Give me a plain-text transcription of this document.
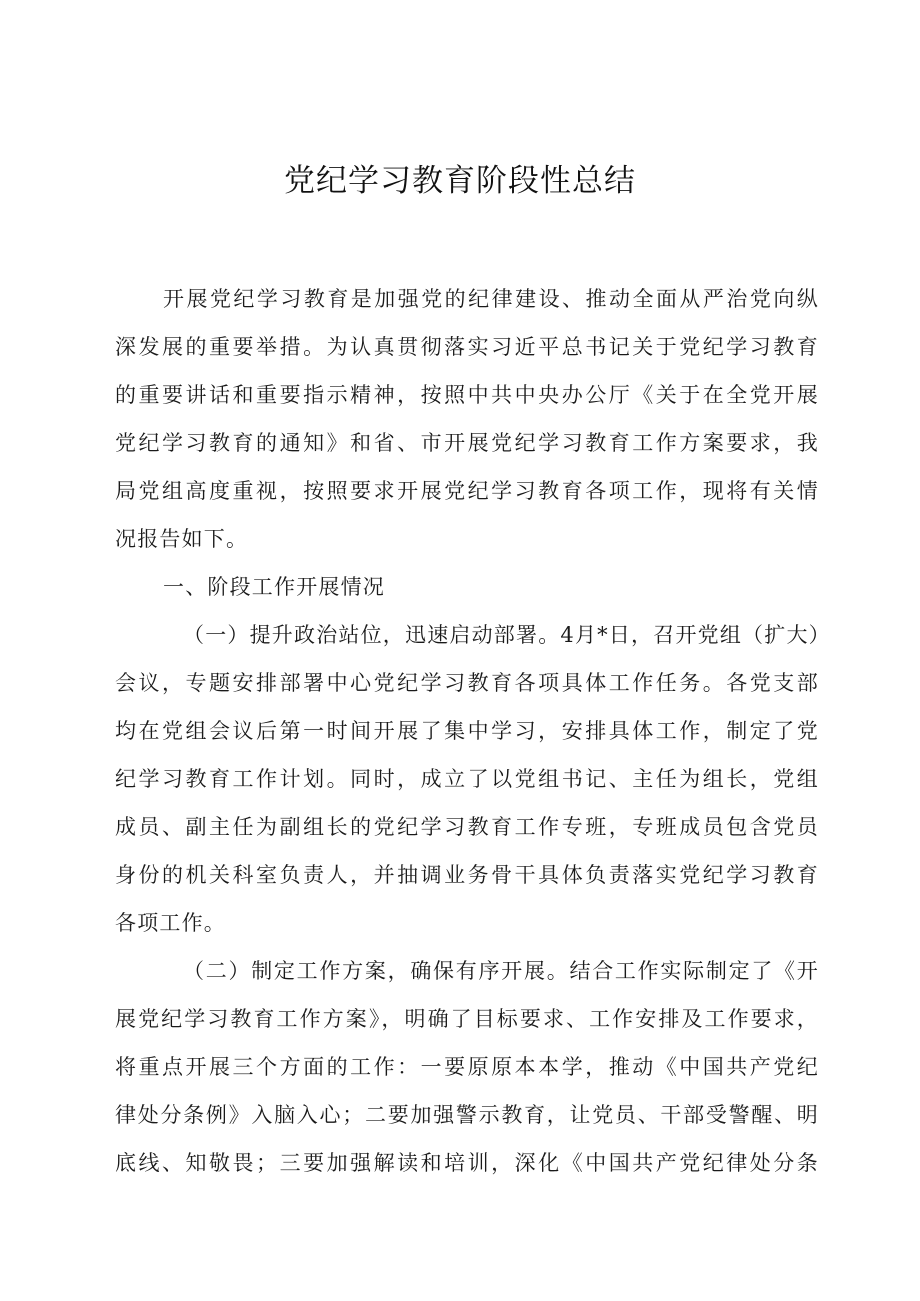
党纪学习教育阶段性总结
开展党纪学习教育是加强党的纪律建设、推动全面从严治党向纵
深发展的重要举措。为认真贯彻落实习近平总书记关于党纪学习教育
的重要讲话和重要指示精神，按照中共中央办公厅《关于在全党开展
党纪学习教育的通知》和省、市开展党纪学习教育工作方案要求，我
局党组高度重视，按照要求开展党纪学习教育各项工作，现将有关情
况报告如下。
一、阶段工作开展情况
（一）提升政治站位，迅速启动部署。4月*日，召开党组（扩大）
会议，专题安排部署中心党纪学习教育各项具体工作任务。各党支部
均在党组会议后第一时间开展了集中学习，安排具体工作，制定了党
纪学习教育工作计划。同时，成立了以党组书记、主任为组长，党组
成员、副主任为副组长的党纪学习教育工作专班，专班成员包含党员
身份的机关科室负责人，并抽调业务骨干具体负责落实党纪学习教育
各项工作。
（二）制定工作方案，确保有序开展。结合工作实际制定了《开
展党纪学习教育工作方案》，明确了目标要求、工作安排及工作要求，
将重点开展三个方面的工作：一要原原本本学，推动《中国共产党纪
律处分条例》入脑入心；二要加强警示教育，让党员、干部受警醒、明
底线、知敬畏；三要加强解读和培训，深化《中国共产党纪律处分条
